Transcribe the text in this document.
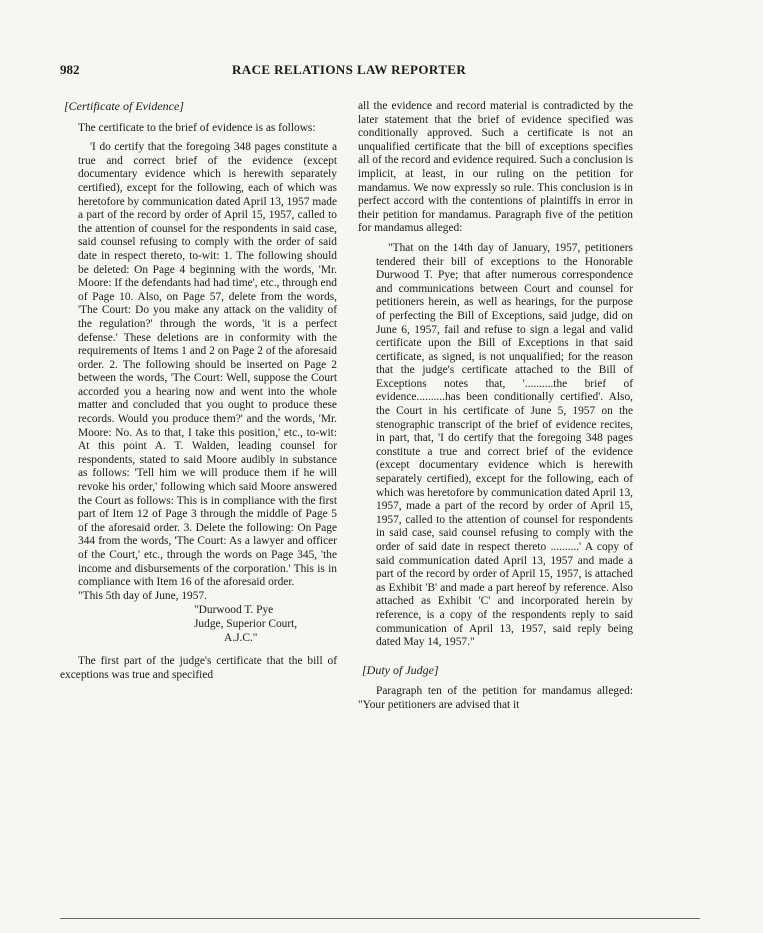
982	RACE RELATIONS LAW REPORTER

[Certificate of Evidence]

The certificate to the brief of evidence is as follows:

'I do certify that the foregoing 348 pages constitute a true and correct brief of the evidence (except documentary evidence which is herewith separately certified), except for the following, each of which was heretofore by communication dated April 13, 1957 made a part of the record by order of April 15, 1957, called to the attention of counsel for the respondents in said case, said counsel refusing to comply with the order of said date in respect thereto, to-wit: 1. The following should be deleted: On Page 4 beginning with the words, 'Mr. Moore: If the defendants had had time', etc., through end of Page 10. Also, on Page 57, delete from the words, 'The Court: Do you make any attack on the validity of the regulation?' through the words, 'it is a perfect defense.' These deletions are in conformity with the requirements of Items 1 and 2 on Page 2 of the aforesaid order. 2. The following should be inserted on Page 2 between the words, 'The Court: Well, suppose the Court accorded you a hearing now and went into the whole matter and concluded that you ought to produce these records. Would you produce them?' and the words, 'Mr. Moore: No. As to that, I take this position,' etc., to-wit: At this point A. T. Walden, leading counsel for respondents, stated to said Moore audibly in substance as follows: 'Tell him we will produce them if he will revoke his order,' following which said Moore answered the Court as follows: This is in compliance with the first part of Item 12 of Page 3 through the middle of Page 5 of the aforesaid order. 3. Delete the following: On Page 344 from the words, 'The Court: As a lawyer and officer of the Court,' etc., through the words on Page 345, 'the income and disbursements of the corporation.' This is in compliance with Item 16 of the aforesaid order.

"This 5th day of June, 1957.

"Durwood T. Pye
Judge, Superior Court,
A.J.C."

The first part of the judge's certificate that the bill of exceptions was true and specified

all the evidence and record material is contradicted by the later statement that the brief of evidence specified was conditionally approved. Such a certificate is not an unqualified certificate that the bill of exceptions specifies all of the record and evidence required. Such a conclusion is implicit, at least, in our ruling on the petition for mandamus. We now expressly so rule. This conclusion is in perfect accord with the contentions of plaintiffs in error in their petition for mandamus. Paragraph five of the petition for mandamus alleged:

"That on the 14th day of January, 1957, petitioners tendered their bill of exceptions to the Honorable Durwood T. Pye; that after numerous correspondence and communications between Court and counsel for petitioners herein, as well as hearings, for the purpose of perfecting the Bill of Exceptions, said judge, did on June 6, 1957, fail and refuse to sign a legal and valid certificate upon the Bill of Exceptions in that said certificate, as signed, is not unqualified; for the reason that the judge's certificate attached to the Bill of Exceptions notes that, '..........the brief of evidence..........has been conditionally certified'. Also, the Court in his certificate of June 5, 1957 on the stenographic transcript of the brief of evidence recites, in part, that, 'I do certify that the foregoing 348 pages constitute a true and correct brief of the evidence (except documentary evidence which is herewith separately certified), except for the following, each of which was heretofore by communication dated April 13, 1957, made a part of the record by order of April 15, 1957, called to the attention of counsel for respondents in said case, said counsel refusing to comply with the order of said date in respect thereto ..........' A copy of said communication dated April 13, 1957 and made a part of the record by order of April 15, 1957, is attached as Exhibit 'B' and made a part hereof by reference. Also attached as Exhibit 'C' and incorporated herein by reference, is a copy of the respondents reply to said communication of April 13, 1957, said reply being dated May 14, 1957."

[Duty of Judge]

Paragraph ten of the petition for mandamus alleged: "Your petitioners are advised that it
